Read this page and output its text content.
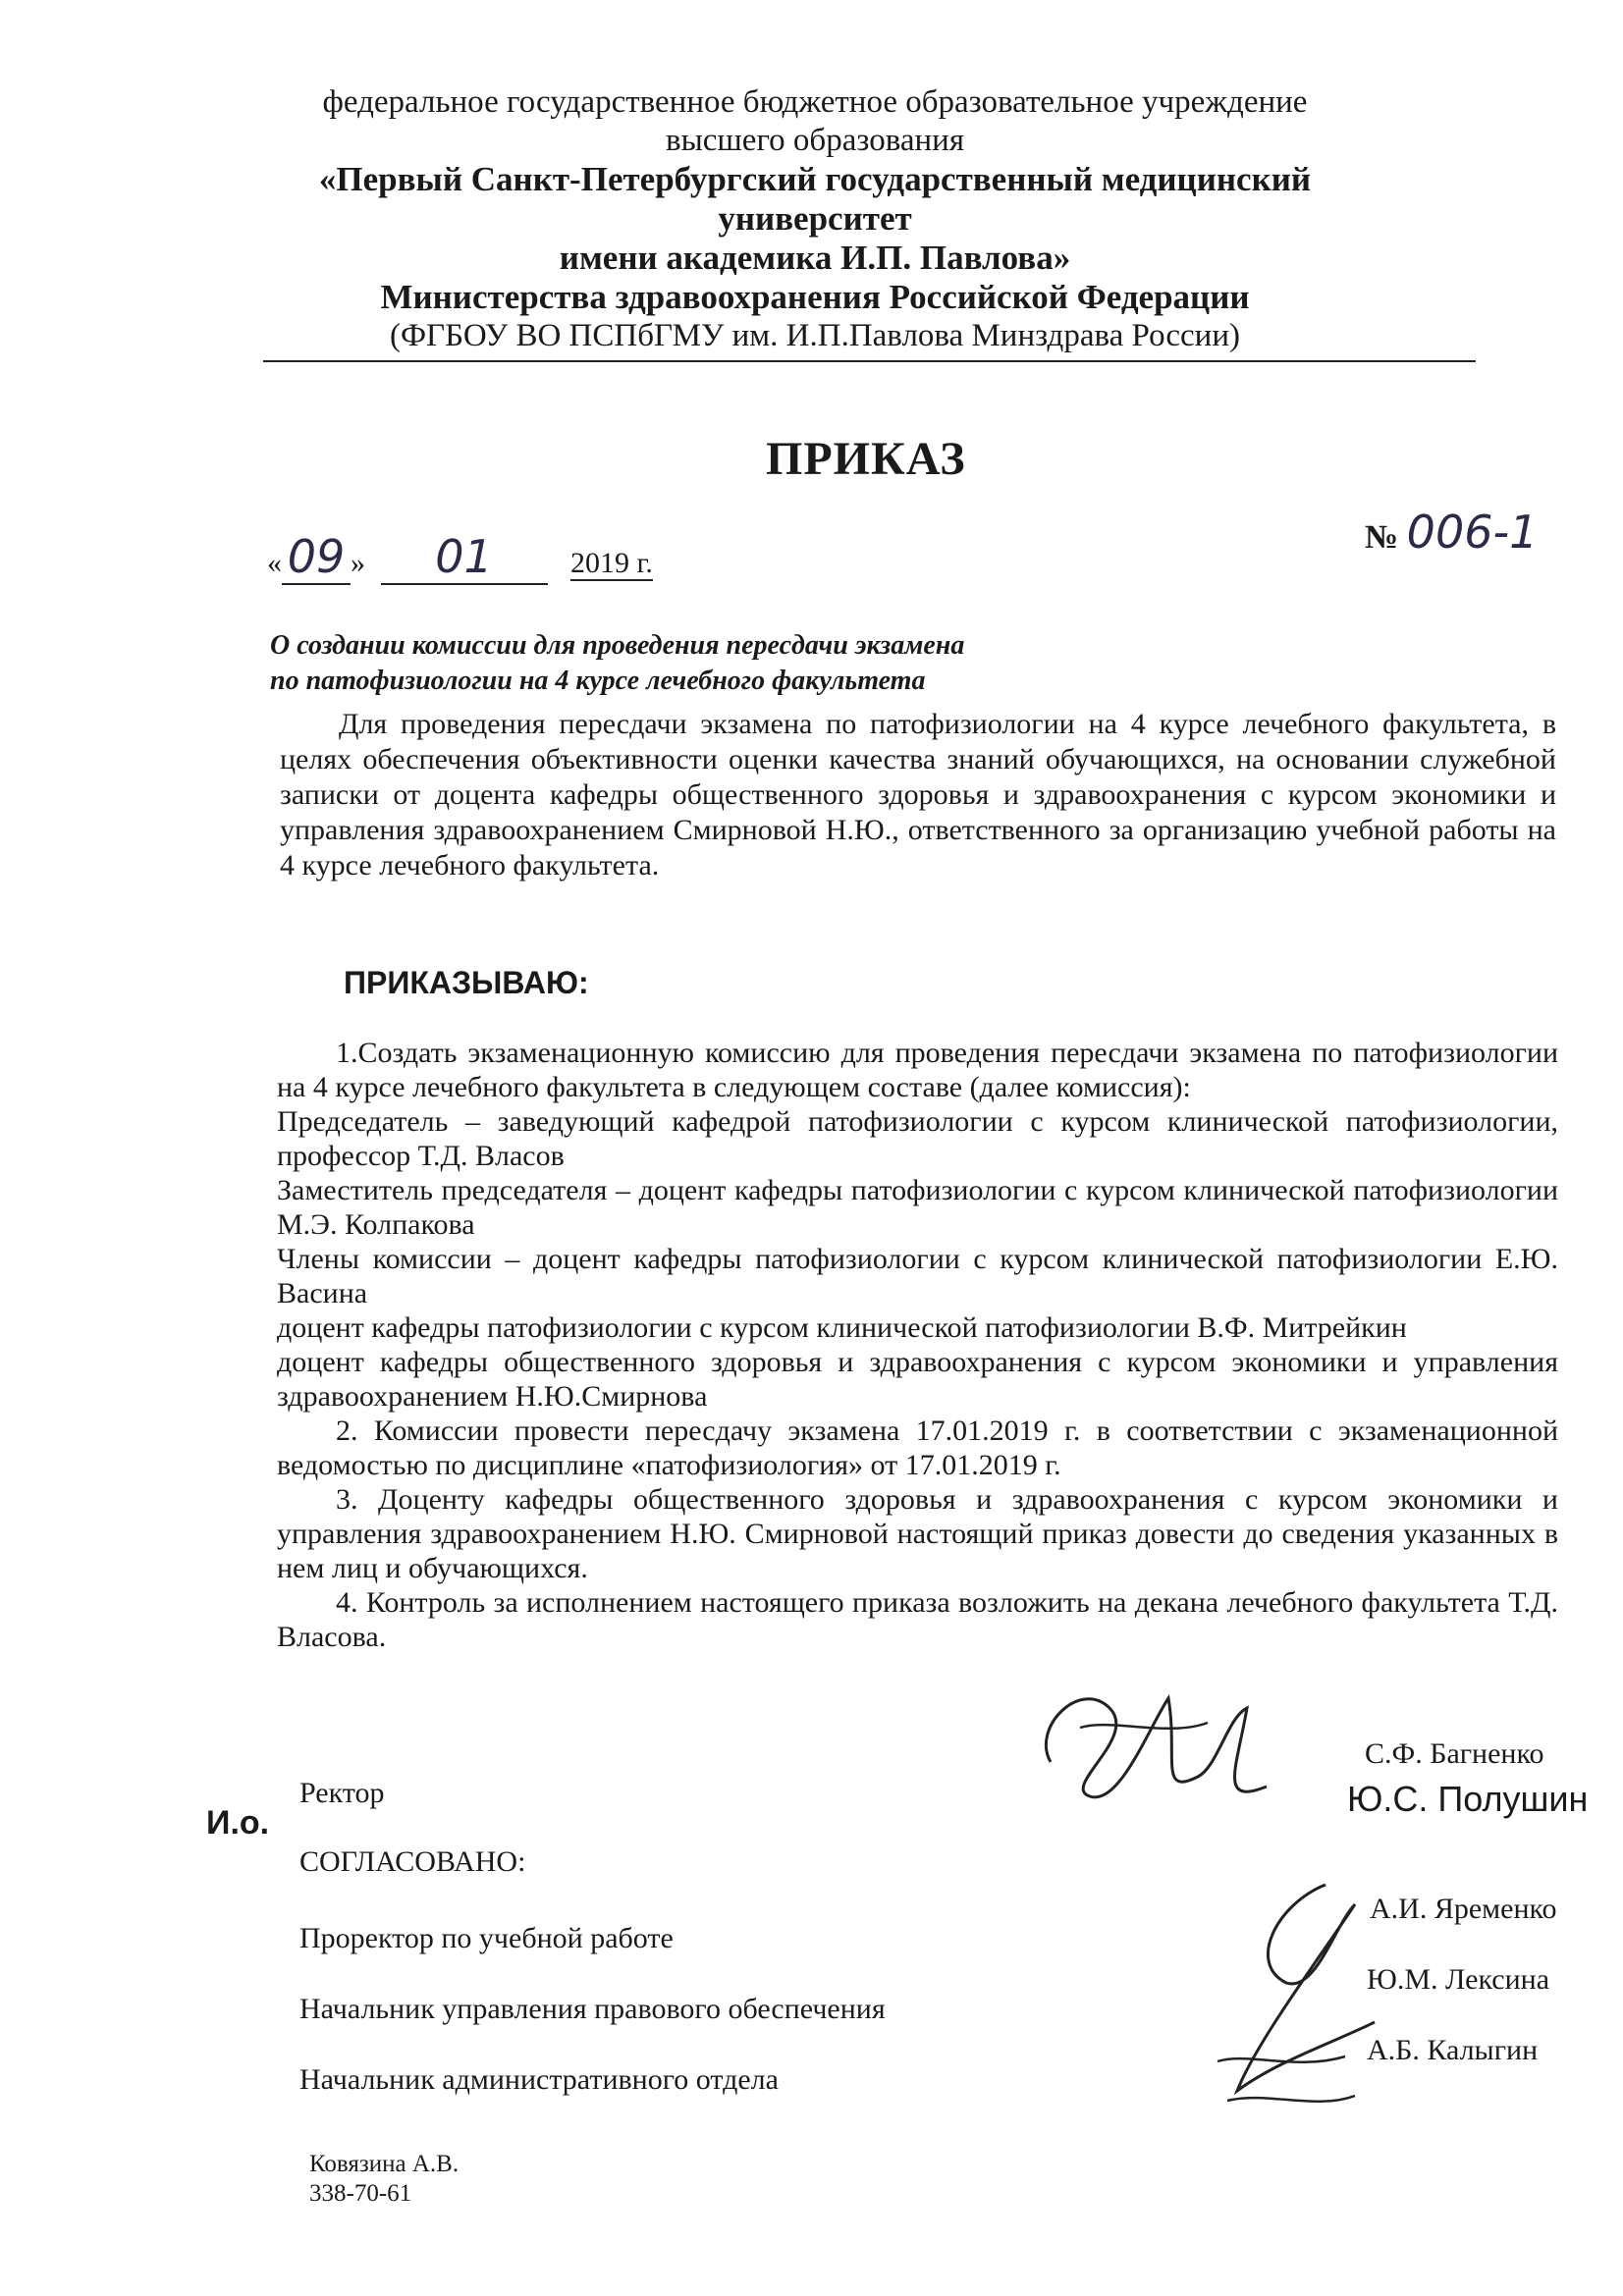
федеральное государственное бюджетное образовательное учреждение
высшего образования
«Первый Санкт-Петербургский государственный медицинский университет
имени академика И.П. Павлова»
Министерства здравоохранения Российской Федерации
(ФГБОУ ВО ПСПбГМУ им. И.П.Павлова Минздрава России)
ПРИКАЗ
« 09 » 01	2019 г.
№ 006-1
О создании комиссии для проведения пересдачи экзамена
по патофизиологии на 4 курсе лечебного факультета
Для проведения пересдачи экзамена по патофизиологии на 4 курсе лечебного факультета, в целях обеспечения объективности оценки качества знаний обучающихся, на основании служебной записки от доцента кафедры общественного здоровья и здравоохранения с курсом экономики и управления здравоохранением Смирновой Н.Ю., ответственного за организацию учебной работы на 4 курсе лечебного факультета.
ПРИКАЗЫВАЮ:

1.Создать экзаменационную комиссию для проведения пересдачи экзамена по патофизиологии на 4 курсе лечебного факультета в следующем составе (далее комиссия):

Председатель – заведующий кафедрой патофизиологии с курсом клинической патофизиологии, профессор Т.Д. Власов

Заместитель председателя – доцент кафедры патофизиологии с курсом клинической патофизиологии М.Э. Колпакова

Члены комиссии – доцент кафедры патофизиологии с курсом клинической патофизиологии Е.Ю. Васина

доцент кафедры патофизиологии с курсом клинической патофизиологии В.Ф. Митрейкин

доцент кафедры общественного здоровья и здравоохранения с курсом экономики и управления здравоохранением Н.Ю.Смирнова

2. Комиссии провести пересдачу экзамена 17.01.2019 г. в соответствии с экзаменационной ведомостью по дисциплине «патофизиология» от 17.01.2019 г.

3. Доценту кафедры общественного здоровья и здравоохранения с курсом экономики и управления здравоохранением Н.Ю. Смирновой настоящий приказ довести до сведения указанных в нем лиц и обучающихся.

4. Контроль за исполнением настоящего приказа возложить на декана лечебного факультета Т.Д. Власова.

С.Ф. Багненко
Ю.С. Полушин
И.о.
Ректор
СОГЛАСОВАНО:
Проректор по учебной работе
А.И. Яременко
Начальник управления правового обеспечения
Ю.М. Лексина
Начальник административного отдела
А.Б. Калыгин
Ковязина А.В.
338-70-61
